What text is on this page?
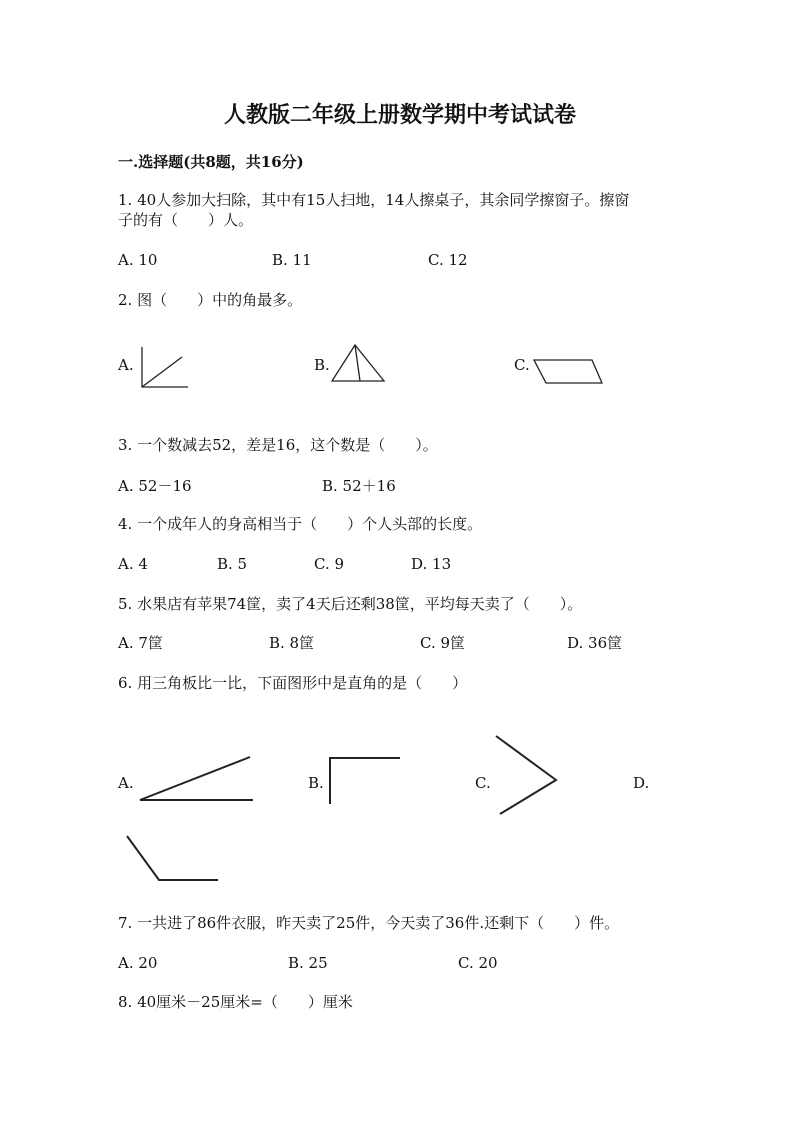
人教版二年级上册数学期中考试试卷
一.选择题(共8题，共16分)
1. 40人参加大扫除，其中有15人扫地，14人擦桌子，其余同学擦窗子。擦窗
子的有（　　）人。
A. 10	B. 11	C. 12
2. 图（　　）中的角最多。
A.	B.	C.
3. 一个数减去52，差是16，这个数是（　　）。
A. 52－16	B. 52＋16
4. 一个成年人的身高相当于（　　）个人头部的长度。
A. 4	B. 5	C. 9	D. 13
5. 水果店有苹果74筐，卖了4天后还剩38筐，平均每天卖了（　　）。
A. 7筐	B. 8筐	C. 9筐	D. 36筐
6. 用三角板比一比，下面图形中是直角的是（　　）
A.	B.	C.	D.
7. 一共进了86件衣服，昨天卖了25件，今天卖了36件.还剩下（　　）件。
A. 20	B. 25	C. 20
8. 40厘米－25厘米=（　　）厘米
